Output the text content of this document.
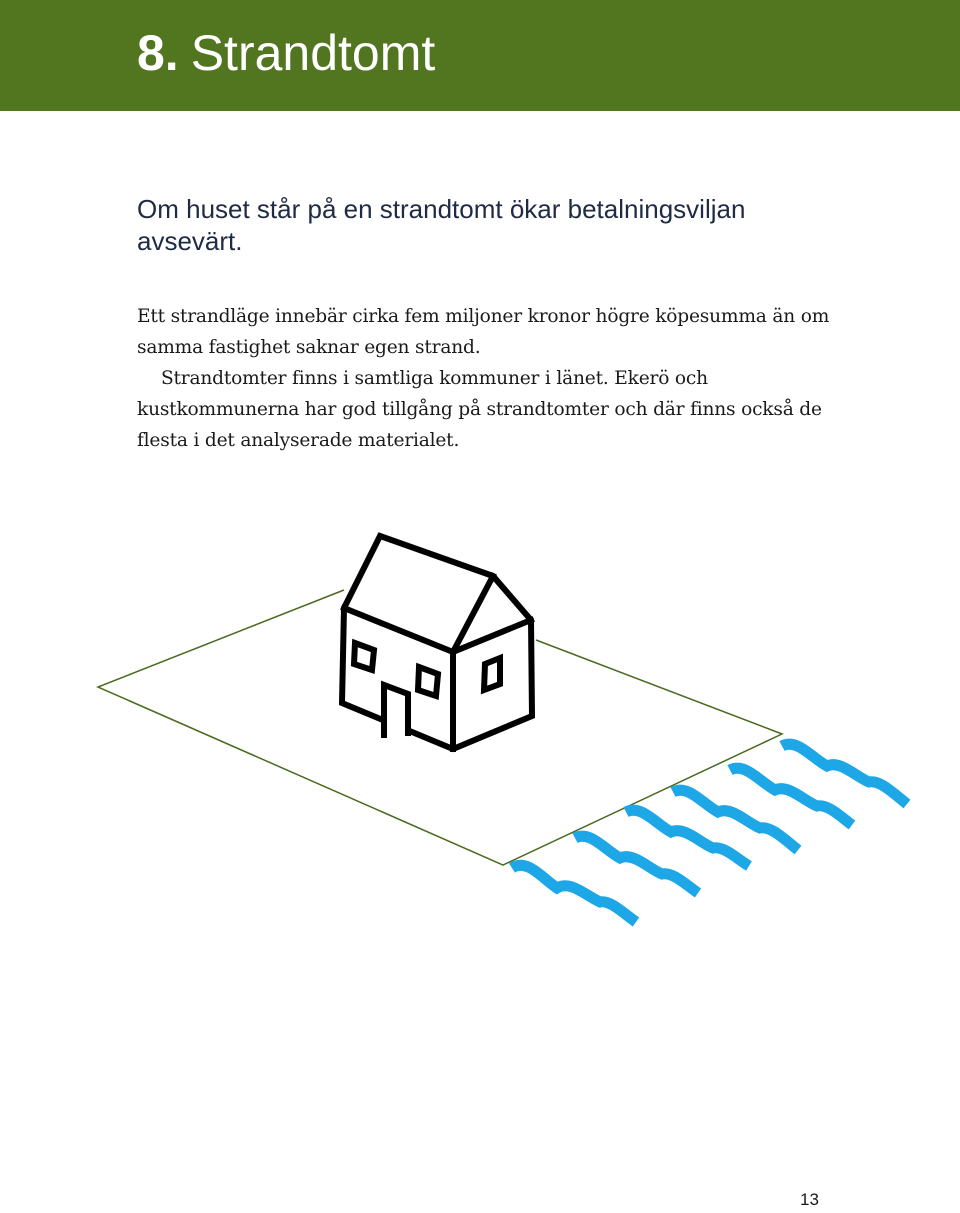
8. Strandtomt
Om huset står på en strandtomt ökar betalningsviljan avsevärt.

Ett strandläge innebär cirka fem miljoner kronor högre köpesumma än om samma fastighet saknar egen strand.

Strandtomter finns i samtliga kommuner i länet. Ekerö och kustkommunerna har god tillgång på strandtomter och där finns också de flesta i det analyserade materialet.

13
